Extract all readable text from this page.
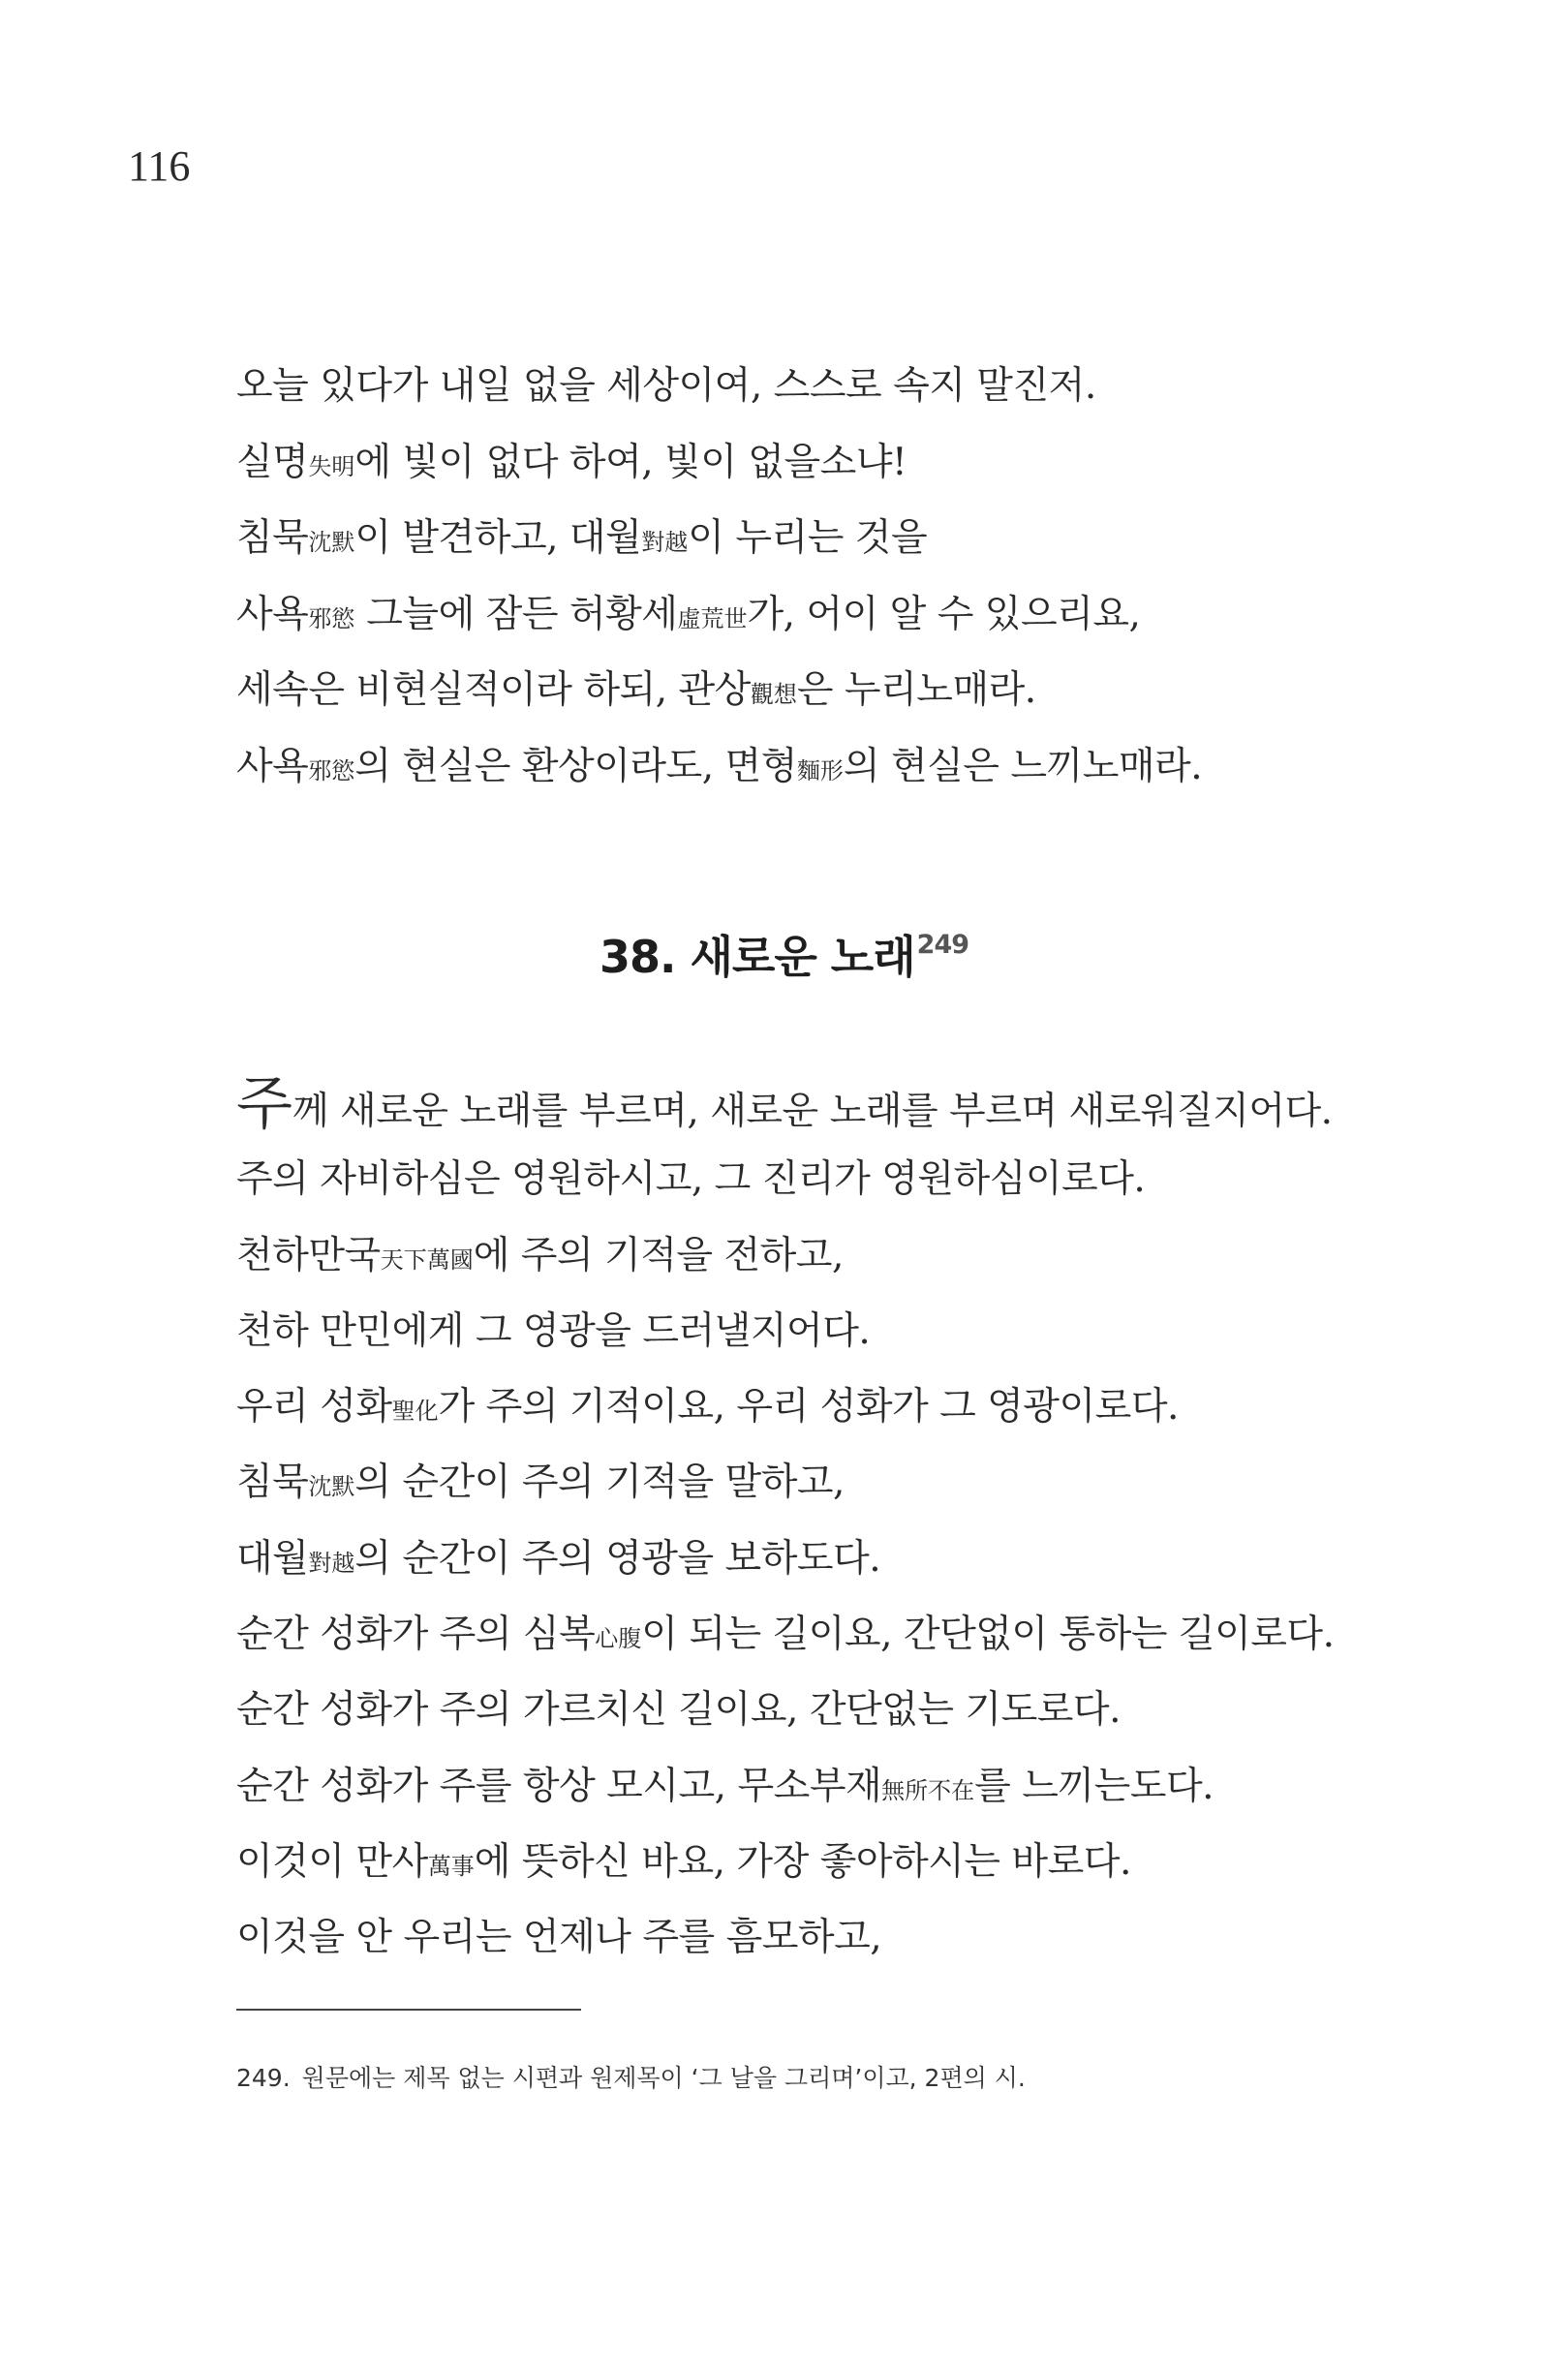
116
오늘 있다가 내일 없을 세상이여, 스스로 속지 말진저.
실명失明에 빛이 없다 하여, 빛이 없을소냐!
침묵沈默이 발견하고, 대월對越이 누리는 것을
사욕邪慾 그늘에 잠든 허황세虛荒世가, 어이 알 수 있으리요,
세속은 비현실적이라 하되, 관상觀想은 누리노매라.
사욕邪慾의 현실은 환상이라도, 면형麵形의 현실은 느끼노매라.
38. 새로운 노래$^{249}$
주께 새로운 노래를 부르며, 새로운 노래를 부르며 새로워질지어다.
주의 자비하심은 영원하시고, 그 진리가 영원하심이로다.
천하만국天下萬國에 주의 기적을 전하고,
천하 만민에게 그 영광을 드러낼지어다.
우리 성화聖化가 주의 기적이요, 우리 성화가 그 영광이로다.
침묵沈默의 순간이 주의 기적을 말하고,
대월對越의 순간이 주의 영광을 보하도다.
순간 성화가 주의 심복心腹이 되는 길이요, 간단없이 통하는 길이로다.
순간 성화가 주의 가르치신 길이요, 간단없는 기도로다.
순간 성화가 주를 항상 모시고, 무소부재無所不在를 느끼는도다.
이것이 만사萬事에 뜻하신 바요, 가장 좋아하시는 바로다.
이것을 안 우리는 언제나 주를 흠모하고,
249. 원문에는 제목 없는 시편과 원제목이 ‘그 날을 그리며’이고, 2편의 시.
